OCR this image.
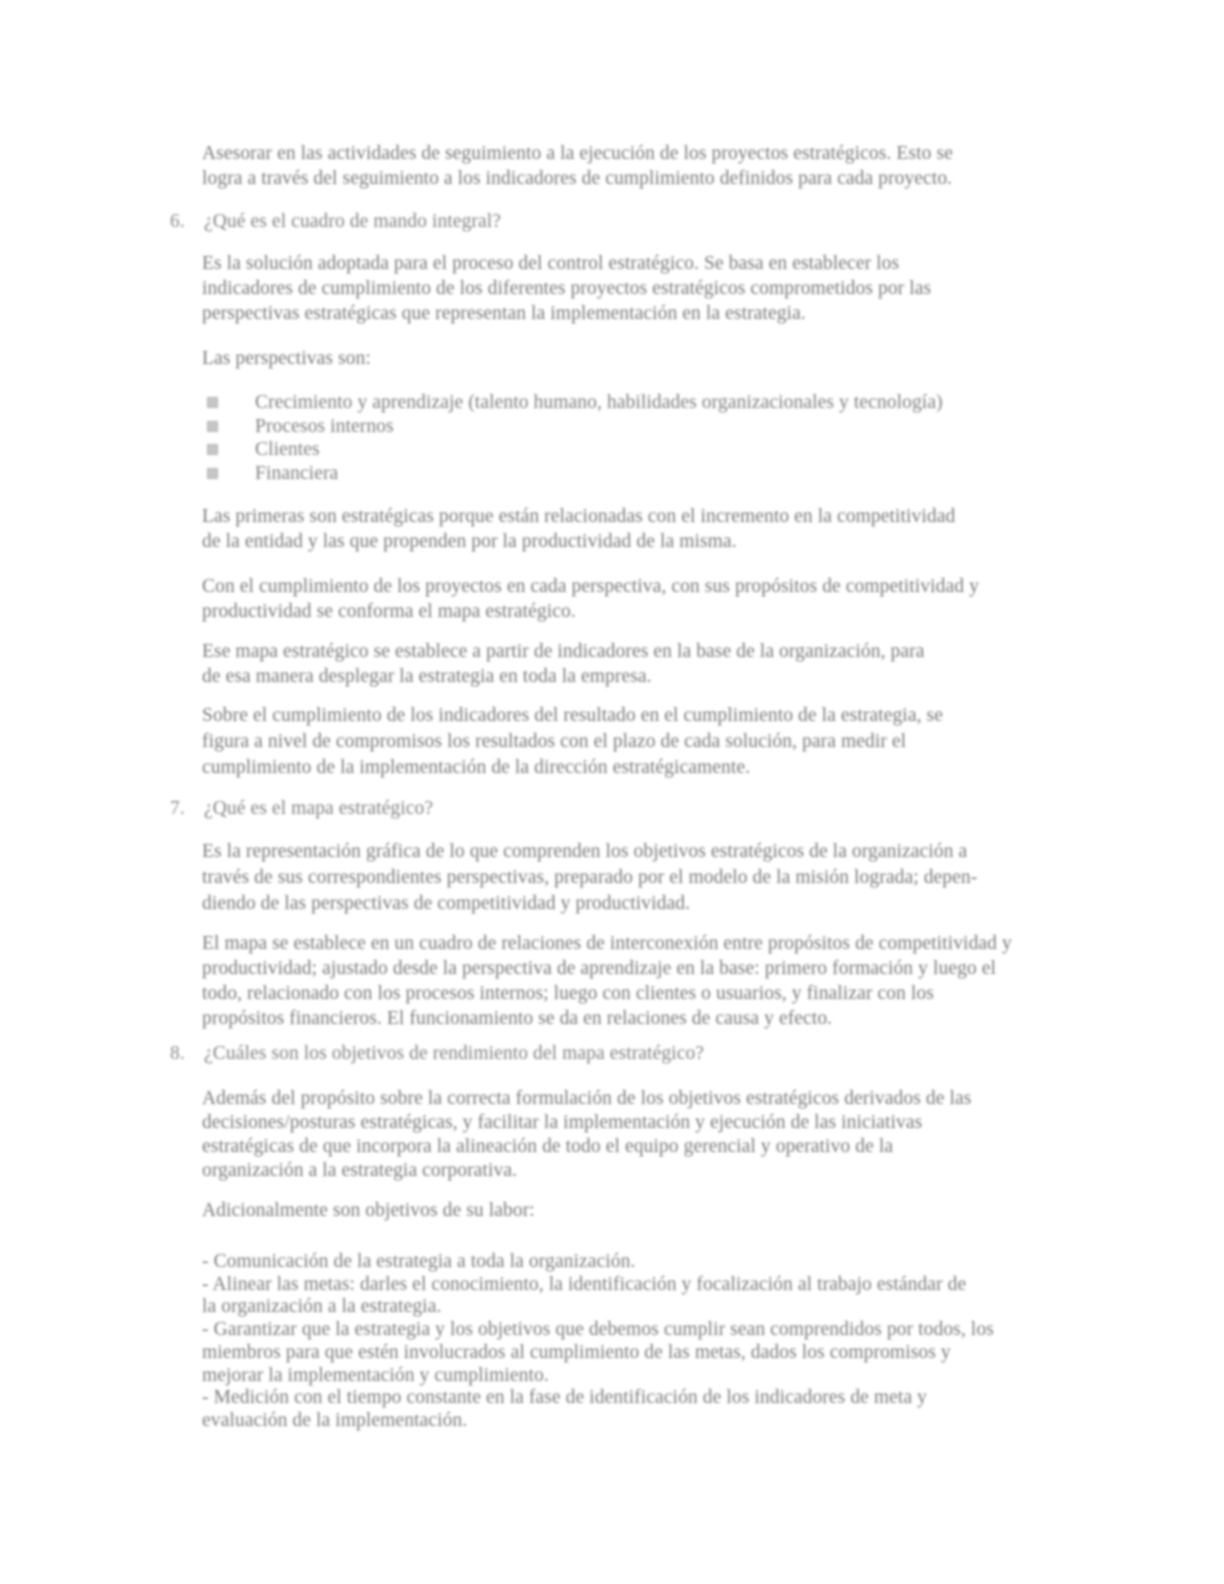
Asesorar en las actividades de seguimiento a la ejecución de los proyectos estratégicos. Esto se
logra a través del seguimiento a los indicadores de cumplimiento definidos para cada proyecto.
6. ¿Qué es el cuadro de mando integral?
Es la solución adoptada para el proceso del control estratégico. Se basa en establecer los
indicadores de cumplimiento de los diferentes proyectos estratégicos comprometidos por las
perspectivas estratégicas que representan la implementación en la estrategia.
Las perspectivas son:
Crecimiento y aprendizaje (talento humano, habilidades organizacionales y tecnología)
Procesos internos
Clientes
Financiera
Las primeras son estratégicas porque están relacionadas con el incremento en la competitividad
de la entidad y las que propenden por la productividad de la misma.
Con el cumplimiento de los proyectos en cada perspectiva, con sus propósitos de competitividad y
productividad se conforma el mapa estratégico.
Ese mapa estratégico se establece a partir de indicadores en la base de la organización, para
de esa manera desplegar la estrategia en toda la empresa.
Sobre el cumplimiento de los indicadores del resultado en el cumplimiento de la estrategia, se
figura a nivel de compromisos los resultados con el plazo de cada solución, para medir el
cumplimiento de la implementación de la dirección estratégicamente.
7. ¿Qué es el mapa estratégico?
Es la representación gráfica de lo que comprenden los objetivos estratégicos de la organización a
través de sus correspondientes perspectivas, preparado por el modelo de la misión lograda; depen-
diendo de las perspectivas de competitividad y productividad.
El mapa se establece en un cuadro de relaciones de interconexión entre propósitos de competitividad y
productividad; ajustado desde la perspectiva de aprendizaje en la base: primero formación y luego el
todo, relacionado con los procesos internos; luego con clientes o usuarios, y finalizar con los
propósitos financieros. El funcionamiento se da en relaciones de causa y efecto.
8. ¿Cuáles son los objetivos de rendimiento del mapa estratégico?
Además del propósito sobre la correcta formulación de los objetivos estratégicos derivados de las
decisiones/posturas estratégicas, y facilitar la implementación y ejecución de las iniciativas
estratégicas de que incorpora la alineación de todo el equipo gerencial y operativo de la
organización a la estrategia corporativa.
Adicionalmente son objetivos de su labor:
- Comunicación de la estrategia a toda la organización.
- Alinear las metas: darles el conocimiento, la identificación y focalización al trabajo estándar de
la organización a la estrategia.
- Garantizar que la estrategia y los objetivos que debemos cumplir sean comprendidos por todos, los
miembros para que estén involucrados al cumplimiento de las metas, dados los compromisos y
mejorar la implementación y cumplimiento.
- Medición con el tiempo constante en la fase de identificación de los indicadores de meta y
evaluación de la implementación.
